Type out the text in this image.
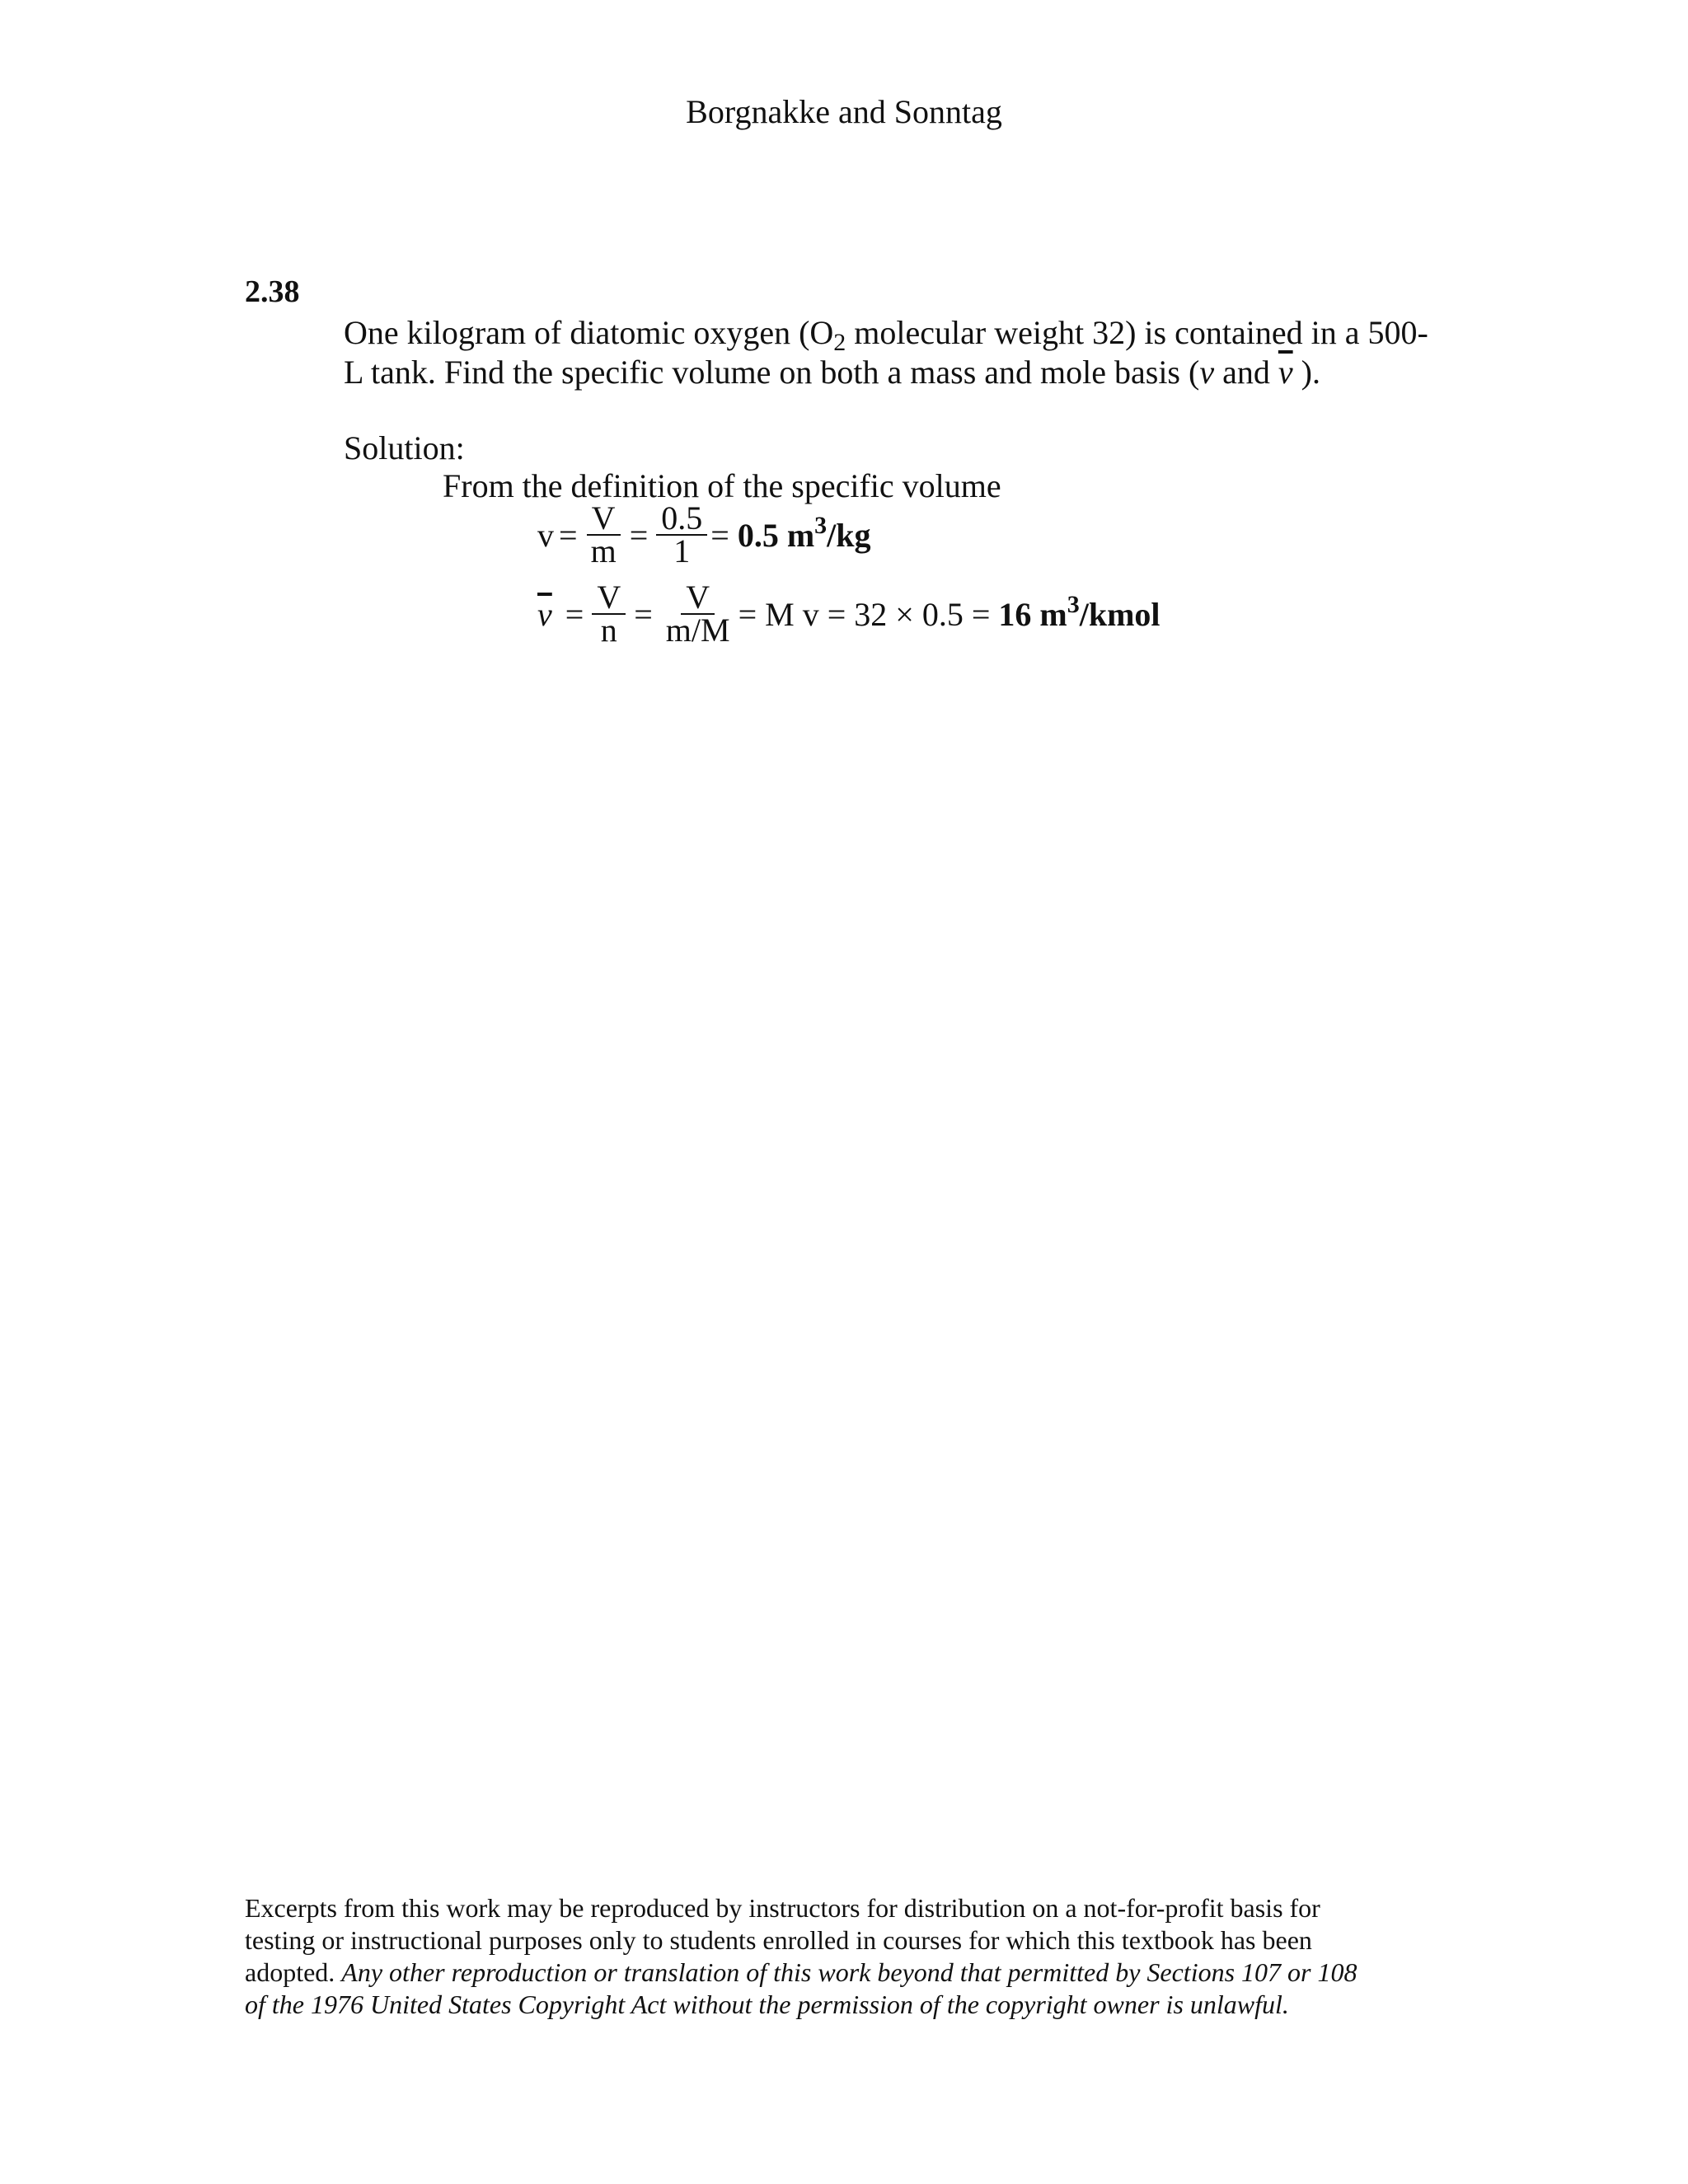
Borgnakke and Sonntag
2.38
One kilogram of diatomic oxygen ($O_2$ molecular weight 32) is contained in a 500-
L tank. Find the specific volume on both a mass and mole basis (v and $\overline{v}$ ).
Solution:
From the definition of the specific volume
$v = \frac{V}{m} = \frac{0.5}{1} = 0.5$ $m^3/kg$
$\overline{v} = \frac{V}{n} = \frac{V}{m/M} = M$ v = 32 × 0.5 = 16 $m^3$/kmol
Excerpts from this work may be reproduced by instructors for distribution on a not-for-profit basis for
testing or instructional purposes only to students enrolled in courses for which this textbook has been
adopted. Any other reproduction or translation of this work beyond that permitted by Sections 107 or 108
of the 1976 United States Copyright Act without the permission of the copyright owner is unlawful.
